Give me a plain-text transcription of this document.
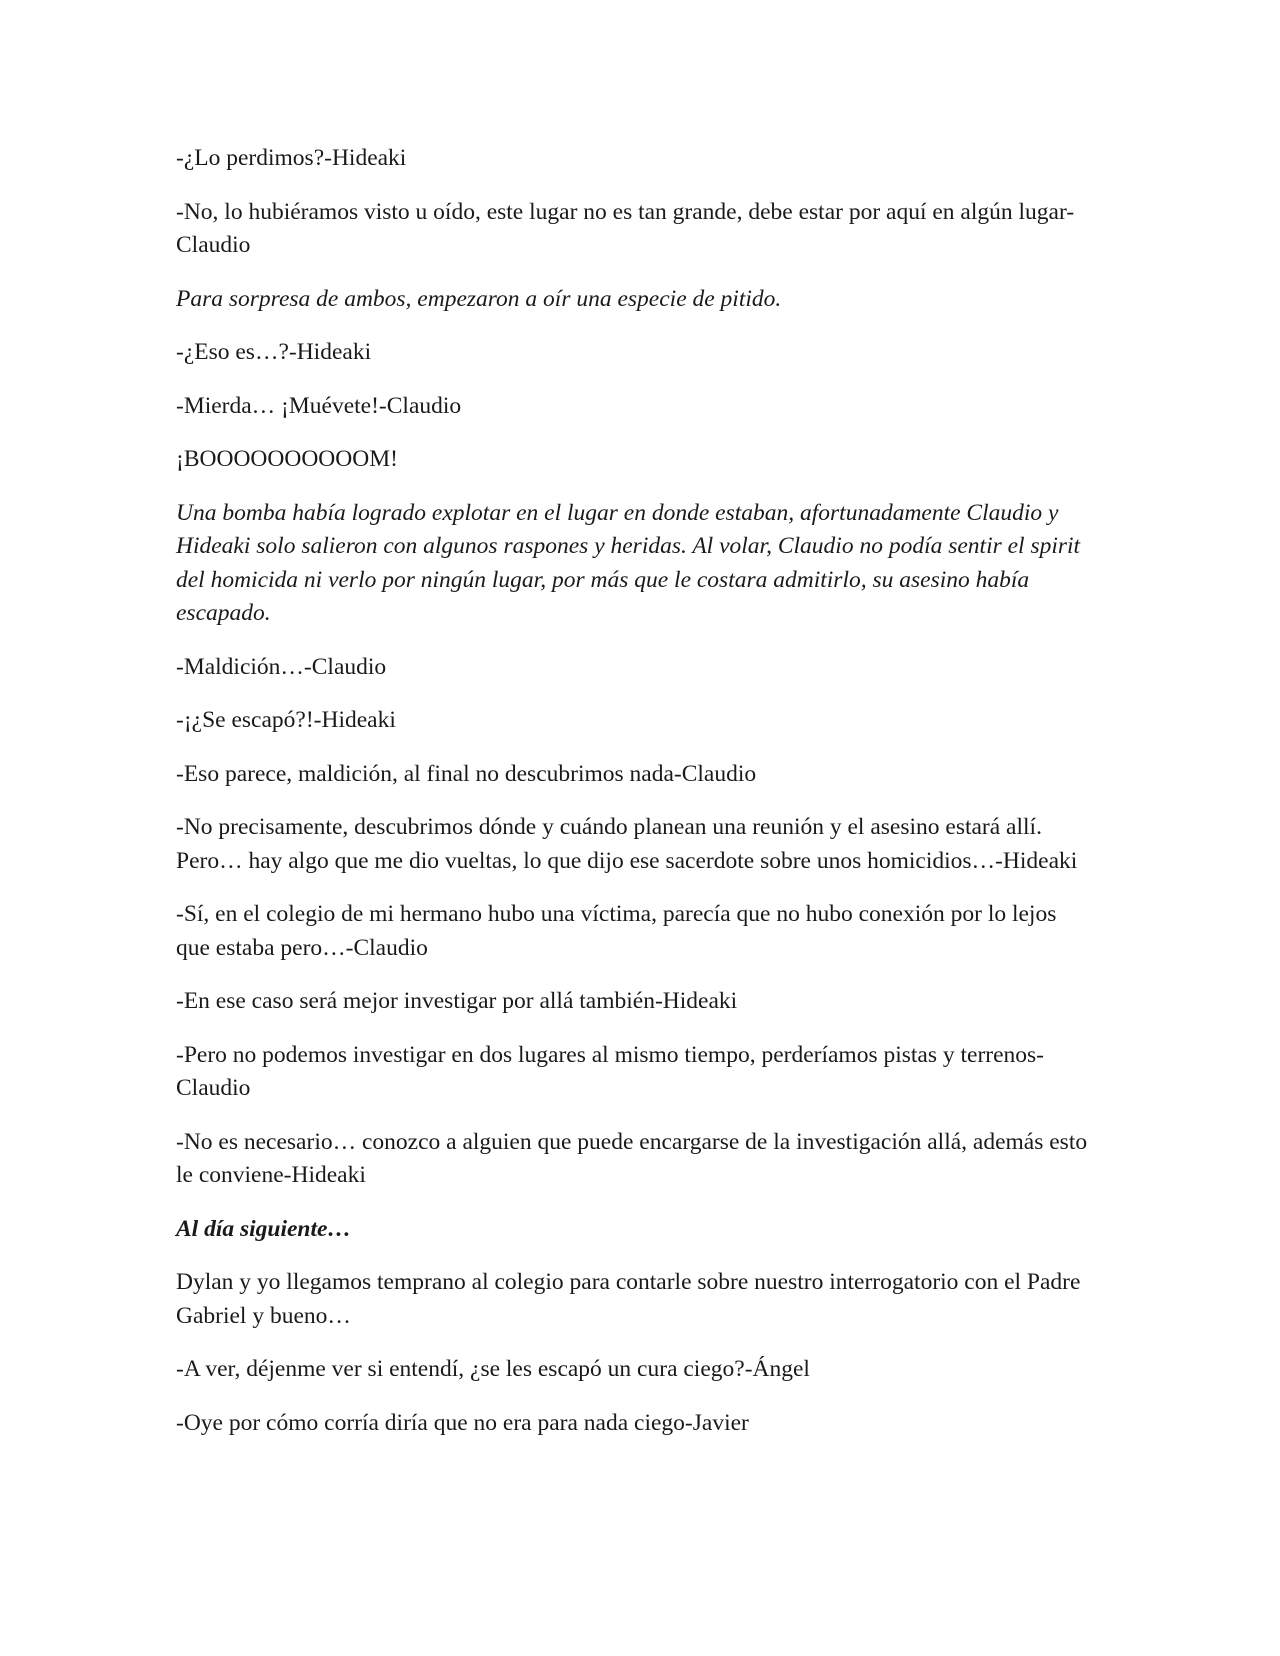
-¿Lo perdimos?-Hideaki

-No, lo hubiéramos visto u oído, este lugar no es tan grande, debe estar por aquí en algún lugar-Claudio

Para sorpresa de ambos, empezaron a oír una especie de pitido.

-¿Eso es…?-Hideaki

-Mierda… ¡Muévete!-Claudio

¡BOOOOOOOOOOM!

Una bomba había logrado explotar en el lugar en donde estaban, afortunadamente Claudio y Hideaki solo salieron con algunos raspones y heridas. Al volar, Claudio no podía sentir el spirit del homicida ni verlo por ningún lugar, por más que le costara admitirlo, su asesino había escapado.

-Maldición…-Claudio

-¡¿Se escapó?!-Hideaki

-Eso parece, maldición, al final no descubrimos nada-Claudio

-No precisamente, descubrimos dónde y cuándo planean una reunión y el asesino estará allí. Pero… hay algo que me dio vueltas, lo que dijo ese sacerdote sobre unos homicidios…-Hideaki

-Sí, en el colegio de mi hermano hubo una víctima, parecía que no hubo conexión por lo lejos que estaba pero…-Claudio

-En ese caso será mejor investigar por allá también-Hideaki

-Pero no podemos investigar en dos lugares al mismo tiempo, perderíamos pistas y terrenos-Claudio

-No es necesario… conozco a alguien que puede encargarse de la investigación allá, además esto le conviene-Hideaki

Al día siguiente…

Dylan y yo llegamos temprano al colegio para contarle sobre nuestro interrogatorio con el Padre Gabriel y bueno…

-A ver, déjenme ver si entendí, ¿se les escapó un cura ciego?-Ángel

-Oye por cómo corría diría que no era para nada ciego-Javier
